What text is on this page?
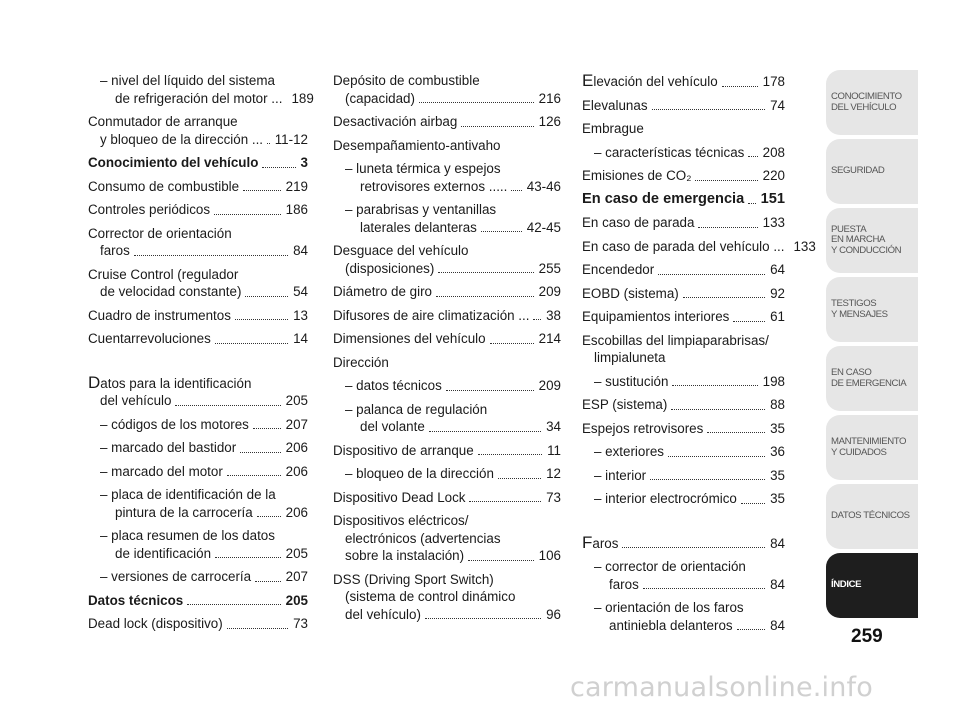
– nivel del líquido del sistema
de refrigeración del motor ... 189
Conmutador de arranque
y bloqueo de la dirección ... 11-12
Conocimiento del vehículo	3
Consumo de combustible	219
Controles periódicos	186
Corrector de orientación
faros	84
Cruise Control (regulador
de velocidad constante)	54
Cuadro de instrumentos	13
Cuentarrevoluciones	14
Datos para la identificación
del vehículo	205
– códigos de los motores	207
– marcado del bastidor	206
– marcado del motor	206
– placa de identificación de la
pintura de la carrocería 206
– placa resumen de los datos
de identificación	205
– versiones de carrocería	207
Datos técnicos	205
Dead lock (dispositivo)	73
Depósito de combustible
(capacidad)	216
Desactivación airbag	126
Desempañamiento-antivaho
– luneta térmica y espejos
retrovisores externos ..... 43-46
– parabrisas y ventanillas
laterales delanteras	42-45
Desguace del vehículo
(disposiciones)	255
Diámetro de giro	209
Difusores de aire climatización ... 38
Dimensiones del vehículo	214
Dirección
– datos técnicos	209
– palanca de regulación
del volante	34
Dispositivo de arranque	11
– bloqueo de la dirección	12
Dispositivo Dead Lock	73
Dispositivos eléctricos/
electrónicos (advertencias
sobre la instalación)	106
DSS (Driving Sport Switch)
(sistema de control dinámico
del vehículo)	96
Elevación del vehículo	178
Elevalunas	74
Embrague
– características técnicas 208
Emisiones de CO₂	220
En caso de emergencia 151
En caso de parada	133
En caso de parada del vehículo ... 133
Encendedor	64
EOBD (sistema)	92
Equipamientos interiores	61
Escobillas del limpiaparabrisas/
limpialuneta
– sustitución	198
ESP (sistema)	88
Espejos retrovisores	35
– exteriores	36
– interior	35
– interior electrocrómico 35
Faros	84
– corrector de orientación
faros	84
– orientación de los faros
antiniebla delanteros	84
CONOCIMIENTO
DEL VEHÍCULO
SEGURIDAD
PUESTA
EN MARCHA
Y CONDUCCIÓN
TESTIGOS
Y MENSAJES
EN CASO
DE EMERGENCIA
MANTENIMIENTO
Y CUIDADOS
DATOS TÉCNICOS
ÍNDICE
259
carmanualsonline.info
